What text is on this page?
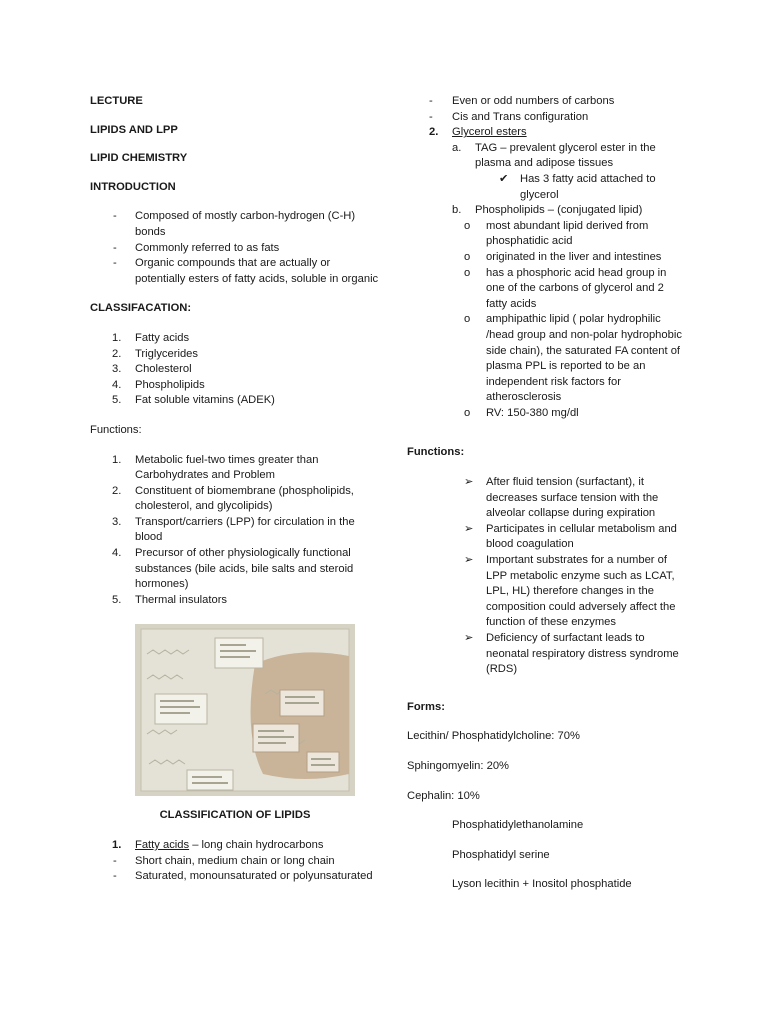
LECTURE

LIPIDS AND LPP

LIPID CHEMISTRY

INTRODUCTION

- Composed of mostly carbon-hydrogen (C-H) bonds
- Commonly referred to as fats
- Organic compounds that are actually or potentially esters of fatty acids, soluble in organic

CLASSIFACATION:

1. Fatty acids
2. Triglycerides
3. Cholesterol
4. Phospholipids
5. Fat soluble vitamins (ADEK)

Functions:

1. Metabolic fuel-two times greater than Carbohydrates and Problem
2. Constituent of biomembrane (phospholipids, cholesterol, and glycolipids)
3. Transport/carriers (LPP) for circulation in the blood
4. Precursor of other physiologically functional substances (bile acids, bile salts and steroid hormones)
5. Thermal insulators

CLASSIFICATION OF LIPIDS

1. Fatty acids – long chain hydrocarbons
- Short chain, medium chain or long chain
- Saturated, monounsaturated or polyunsaturated
- Even or odd numbers of carbons
- Cis and Trans configuration
2. Glycerol esters
a. TAG – prevalent glycerol ester in the plasma and adipose tissues
✔ Has 3 fatty acid attached to glycerol
b. Phospholipids – (conjugated lipid)
o most abundant lipid derived from phosphatidic acid
o originated in the liver and intestines
o has a phosphoric acid head group in one of the carbons of glycerol and 2 fatty acids
o amphipathic lipid ( polar hydrophilic /head group and non-polar hydrophobic side chain), the saturated FA content of plasma PPL is reported to be an independent risk factors for atherosclerosis
o RV: 150-380 mg/dl

Functions:

➢ After fluid tension (surfactant), it decreases surface tension with the alveolar collapse during expiration
➢ Participates in cellular metabolism and blood coagulation
➢ Important substrates for a number of LPP metabolic enzyme such as LCAT, LPL, HL) therefore changes in the composition could adversely affect the function of these enzymes
➢ Deficiency of surfactant leads to neonatal respiratory distress syndrome (RDS)

Forms:

Lecithin/ Phosphatidylcholine: 70%

Sphingomyelin: 20%

Cephalin: 10%

Phosphatidylethanolamine

Phosphatidyl serine

Lyson lecithin + Inositol phosphatide
